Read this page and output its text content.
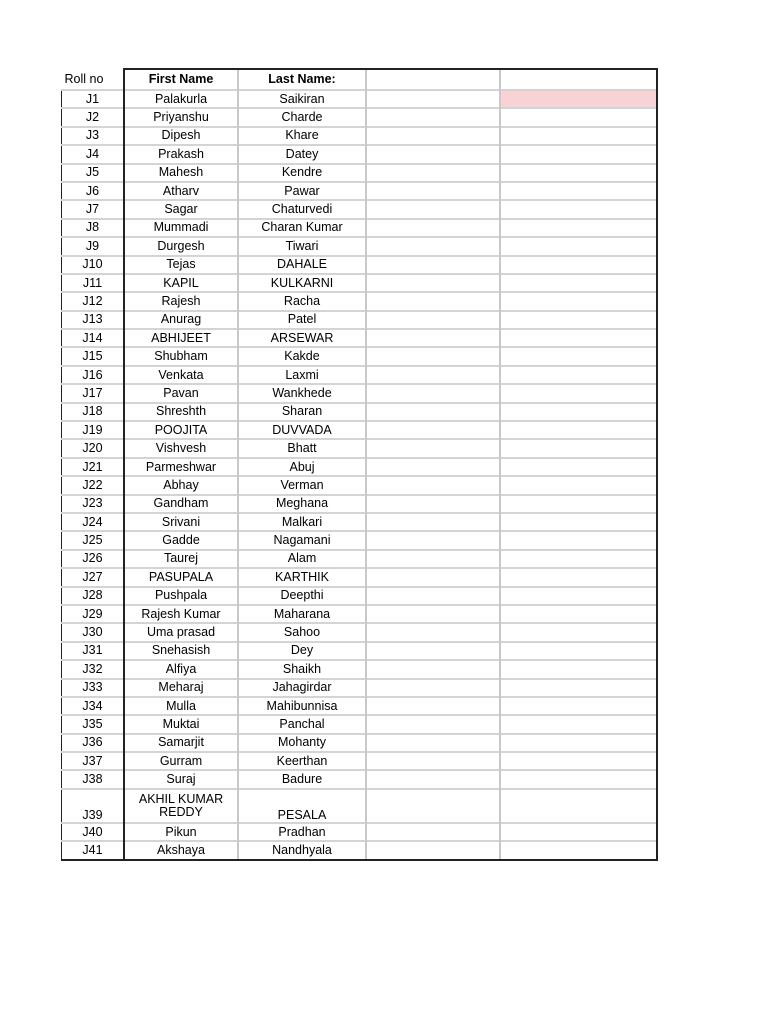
Roll no	First Name	Last Name:		
J1	Palakurla	Saikiran		
J2	Priyanshu	Charde		
J3	Dipesh	Khare		
J4	Prakash	Datey		
J5	Mahesh	Kendre		
J6	Atharv	Pawar		
J7	Sagar	Chaturvedi		
J8	Mummadi	Charan Kumar		
J9	Durgesh	Tiwari		
J10	Tejas	DAHALE		
J11	KAPIL	KULKARNI		
J12	Rajesh	Racha		
J13	Anurag	Patel		
J14	ABHIJEET	ARSEWAR		
J15	Shubham	Kakde		
J16	Venkata	Laxmi		
J17	Pavan	Wankhede		
J18	Shreshth	Sharan		
J19	POOJITA	DUVVADA		
J20	Vishvesh	Bhatt		
J21	Parmeshwar	Abuj		
J22	Abhay	Verman		
J23	Gandham	Meghana		
J24	Srivani	Malkari		
J25	Gadde	Nagamani		
J26	Taurej	Alam		
J27	PASUPALA	KARTHIK		
J28	Pushpala	Deepthi		
J29	Rajesh Kumar	Maharana		
J30	Uma prasad	Sahoo		
J31	Snehasish	Dey		
J32	Alfiya	Shaikh		
J33	Meharaj	Jahagirdar		
J34	Mulla	Mahibunnisa		
J35	Muktai	Panchal		
J36	Samarjit	Mohanty		
J37	Gurram	Keerthan		
J38	Suraj	Badure		
J39	AKHIL KUMAR REDDY	PESALA		
J40	Pikun	Pradhan		
J41	Akshaya	Nandhyala		
